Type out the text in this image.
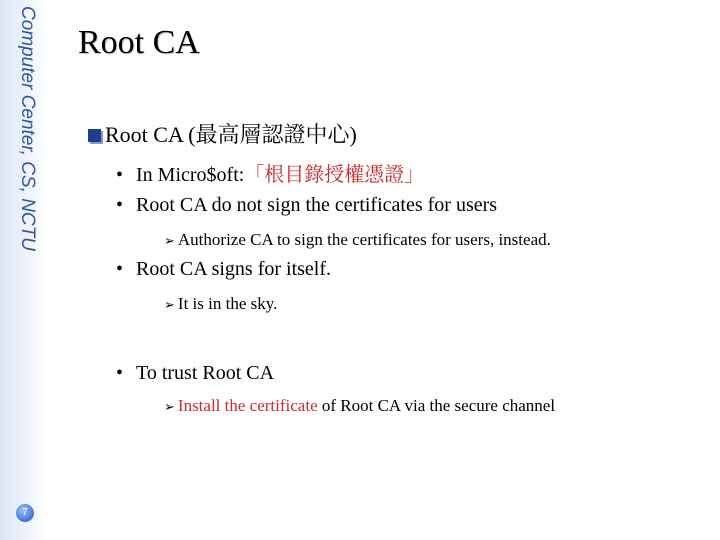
Computer Center, CS, NCTU
7
Root CA
Root CA (最高層認證中心)
• In Micro$oft:「根目錄授權憑證」
• Root CA do not sign the certificates for users
➢ Authorize CA to sign the certificates for users, instead.
• Root CA signs for itself.
➢ It is in the sky.
• To trust Root CA
➢ Install the certificate of Root CA via the secure channel
